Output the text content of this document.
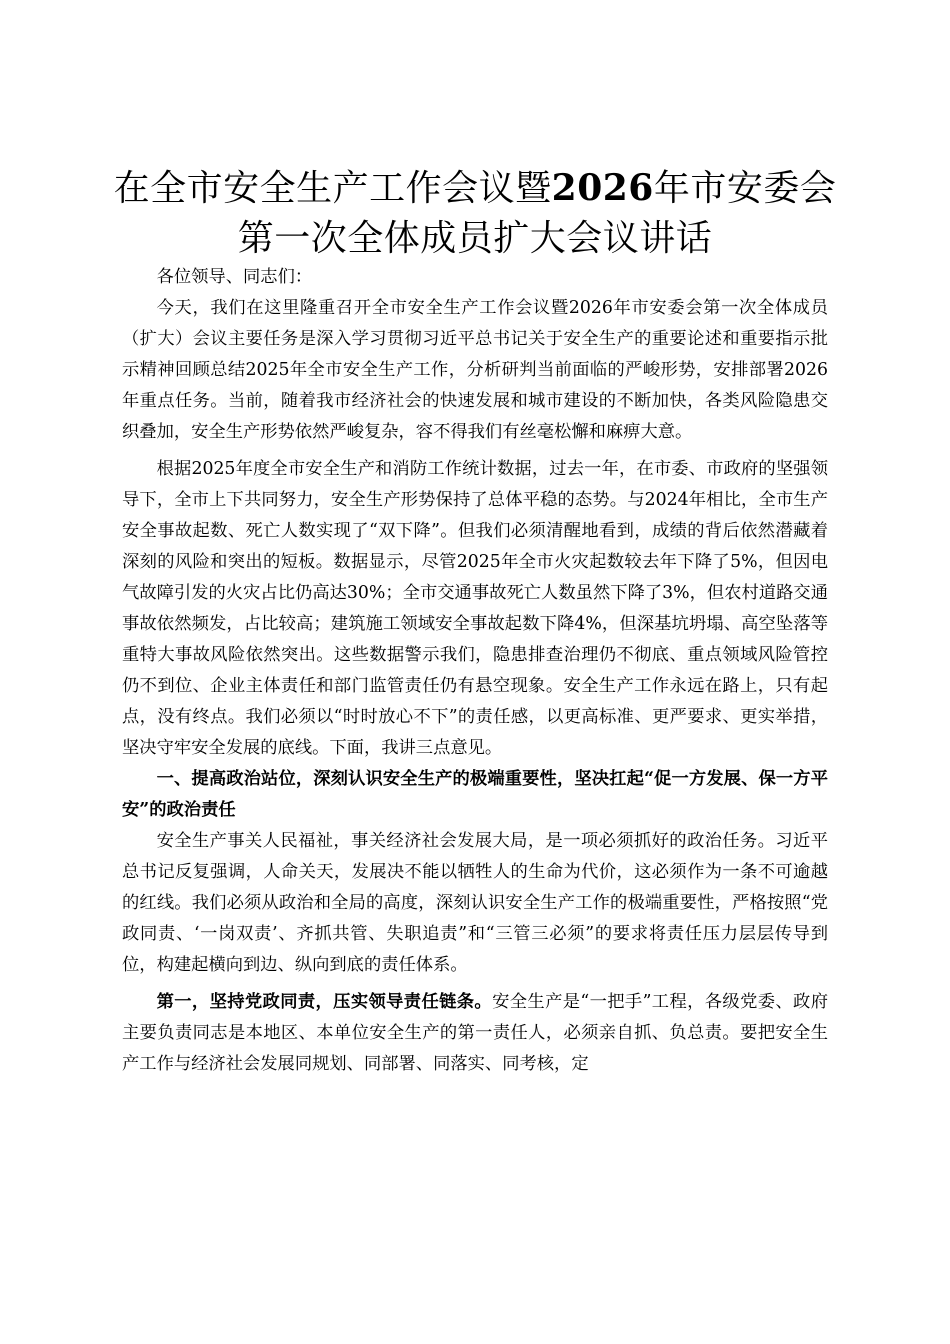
在全市安全生产工作会议暨2026年市安委会
第一次全体成员扩大会议讲话

各位领导、同志们：

今天，我们在这里隆重召开全市安全生产工作会议暨2026年市安委会第一次全体成员（扩大）会议主要任务是深入学习贯彻习近平总书记关于安全生产的重要论述和重要指示批示精神回顾总结2025年全市安全生产工作，分析研判当前面临的严峻形势，安排部署2026年重点任务。当前，随着我市经济社会的快速发展和城市建设的不断加快，各类风险隐患交织叠加，安全生产形势依然严峻复杂，容不得我们有丝毫松懈和麻痹大意。

根据2025年度全市安全生产和消防工作统计数据，过去一年，在市委、市政府的坚强领导下，全市上下共同努力，安全生产形势保持了总体平稳的态势。与2024年相比，全市生产安全事故起数、死亡人数实现了“双下降”。但我们必须清醒地看到，成绩的背后依然潜藏着深刻的风险和突出的短板。数据显示，尽管2025年全市火灾起数较去年下降了5%，但因电气故障引发的火灾占比仍高达30%；全市交通事故死亡人数虽然下降了3%，但农村道路交通事故依然频发，占比较高；建筑施工领域安全事故起数下降4%，但深基坑坍塌、高空坠落等重特大事故风险依然突出。这些数据警示我们，隐患排查治理仍不彻底、重点领域风险管控仍不到位、企业主体责任和部门监管责任仍有悬空现象。安全生产工作永远在路上，只有起点，没有终点。我们必须以“时时放心不下”的责任感，以更高标准、更严要求、更实举措，坚决守牢安全发展的底线。下面，我讲三点意见。

一、提高政治站位，深刻认识安全生产的极端重要性，坚决扛起“促一方发展、保一方平安”的政治责任

安全生产事关人民福祉，事关经济社会发展大局，是一项必须抓好的政治任务。习近平总书记反复强调，人命关天，发展决不能以牺牲人的生命为代价，这必须作为一条不可逾越的红线。我们必须从政治和全局的高度，深刻认识安全生产工作的极端重要性，严格按照“党政同责、‘一岗双责’、齐抓共管、失职追责”和“三管三必须”的要求将责任压力层层传导到位，构建起横向到边、纵向到底的责任体系。

第一，坚持党政同责，压实领导责任链条。安全生产是“一把手”工程，各级党委、政府主要负责同志是本地区、本单位安全生产的第一责任人，必须亲自抓、负总责。要把安全生产工作与经济社会发展同规划、同部署、同落实、同考核，定
